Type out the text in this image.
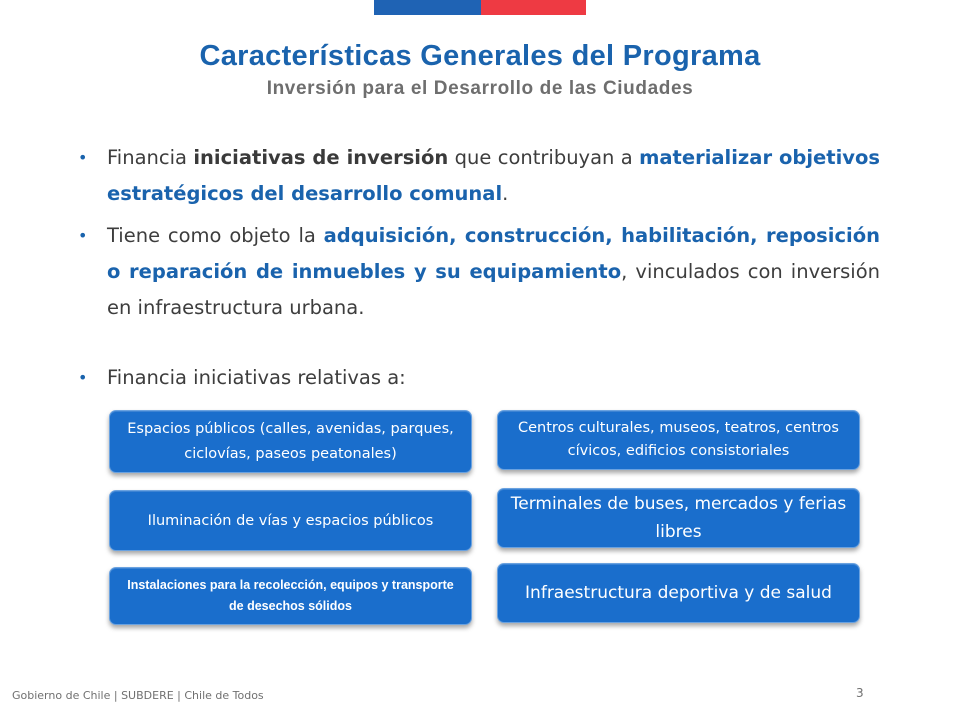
Características Generales del Programa
Inversión para el Desarrollo de las Ciudades
• Financia iniciativas de inversión que contribuyan a materializar objetivos estratégicos del desarrollo comunal.
• Tiene como objeto la adquisición, construcción, habilitación, reposición o reparación de inmuebles y su equipamiento, vinculados con inversión en infraestructura urbana.
• Financia iniciativas relativas a:
Espacios públicos (calles, avenidas, parques, ciclovías, paseos peatonales)
Centros culturales, museos, teatros, centros cívicos, edificios consistoriales
Iluminación de vías y espacios públicos
Terminales de buses, mercados y ferias libres
Instalaciones para la recolección, equipos y transporte de desechos sólidos
Infraestructura deportiva y de salud
Gobierno de Chile | SUBDERE | Chile de Todos	3
